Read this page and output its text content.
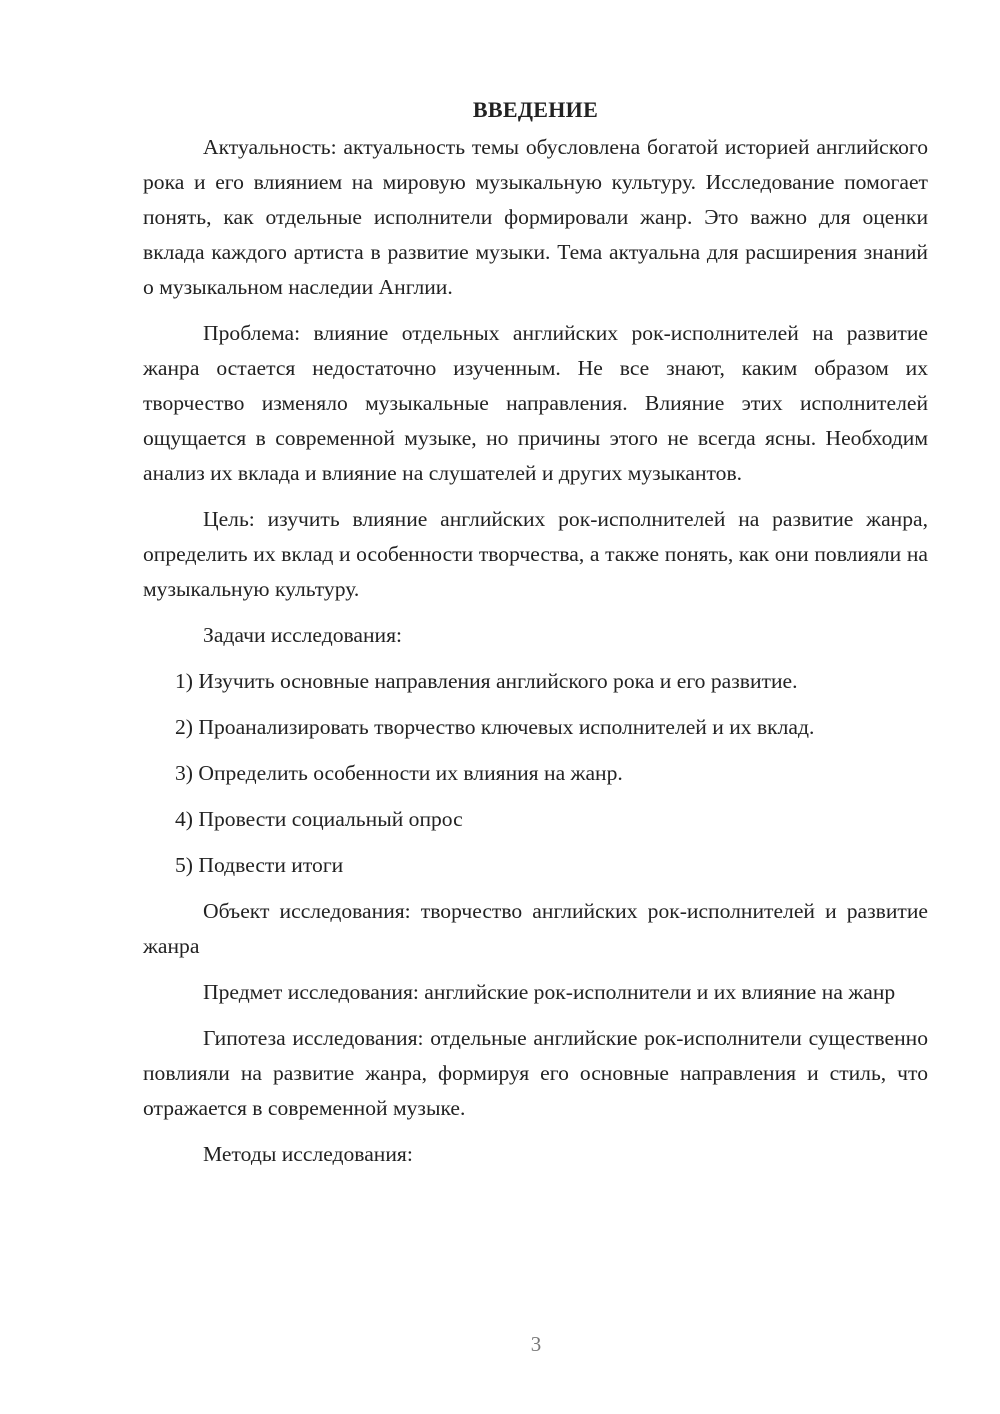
ВВЕДЕНИЕ

Актуальность: актуальность темы обусловлена богатой историей английского рока и его влиянием на мировую музыкальную культуру. Исследование помогает понять, как отдельные исполнители формировали жанр. Это важно для оценки вклада каждого артиста в развитие музыки. Тема актуальна для расширения знаний о музыкальном наследии Англии.

Проблема: влияние отдельных английских рок-исполнителей на развитие жанра остается недостаточно изученным. Не все знают, каким образом их творчество изменяло музыкальные направления. Влияние этих исполнителей ощущается в современной музыке, но причины этого не всегда ясны. Необходим анализ их вклада и влияние на слушателей и других музыкантов.

Цель: изучить влияние английских рок-исполнителей на развитие жанра, определить их вклад и особенности творчества, а также понять, как они повлияли на музыкальную культуру.

Задачи исследования:

1) Изучить основные направления английского рока и его развитие.
2) Проанализировать творчество ключевых исполнителей и их вклад.
3) Определить особенности их влияния на жанр.
4) Провести социальный опрос
5) Подвести итоги

Объект исследования: творчество английских рок-исполнителей и развитие жанра

Предмет исследования: английские рок-исполнители и их влияние на жанр

Гипотеза исследования: отдельные английские рок-исполнители существенно повлияли на развитие жанра, формируя его основные направления и стиль, что отражается в современной музыке.

Методы исследования:

3
